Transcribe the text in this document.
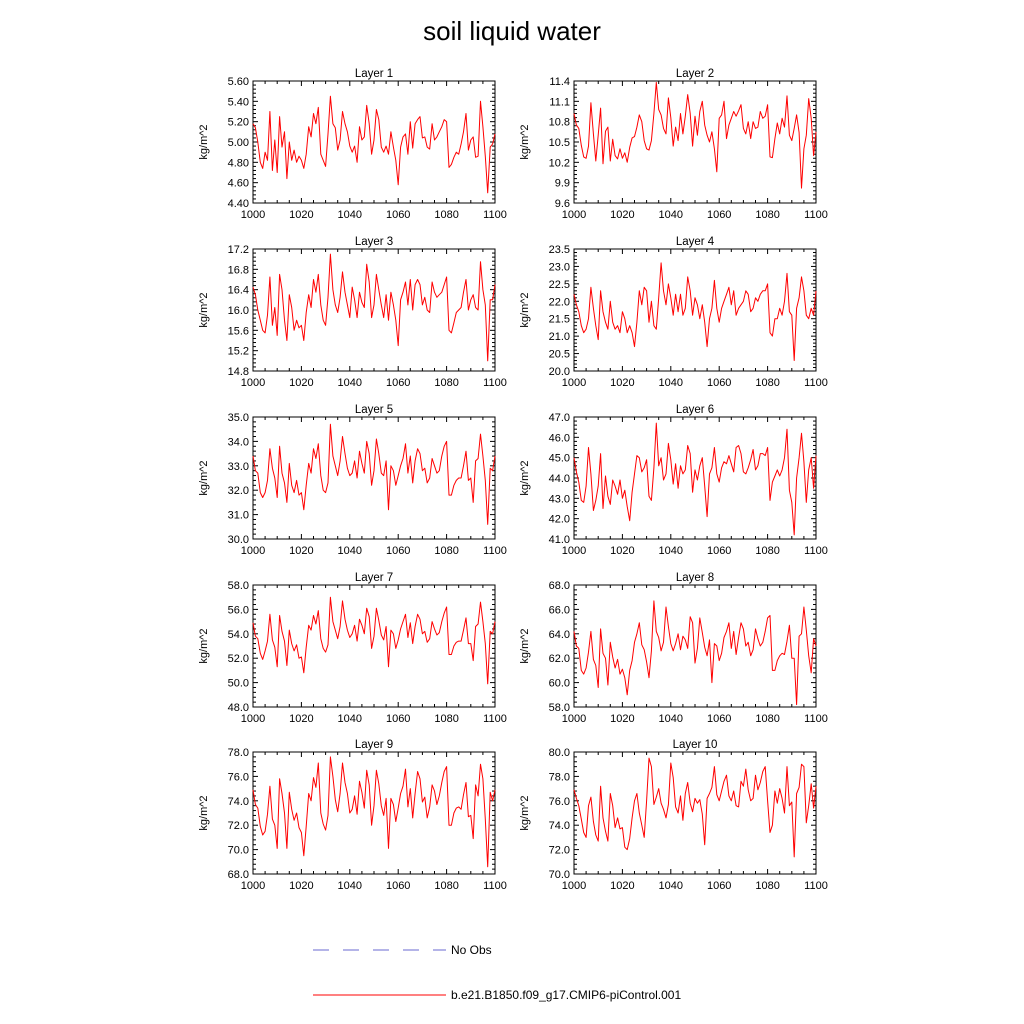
soil liquid water
Layer 1
1000 1020 1040 1060 1080 1100
4.40
4.60
4.80
5.00
5.20
5.40
5.60
kg/m^2
Layer 2
1000 1020 1040 1060 1080 1100
9.6
9.9
10.2
10.5
10.8
11.1
11.4
kg/m^2
Layer 3
1000 1020 1040 1060 1080 1100
14.8
15.2
15.6
16.0
16.4
16.8
17.2
kg/m^2
Layer 4
1000 1020 1040 1060 1080 1100
20.0
20.5
21.0
21.5
22.0
22.5
23.0
23.5
kg/m^2
Layer 5
1000 1020 1040 1060 1080 1100
30.0
31.0
32.0
33.0
34.0
35.0
kg/m^2
Layer 6
1000 1020 1040 1060 1080 1100
41.0
42.0
43.0
44.0
45.0
46.0
47.0
kg/m^2
Layer 7
1000 1020 1040 1060 1080 1100
48.0
50.0
52.0
54.0
56.0
58.0
kg/m^2
Layer 8
1000 1020 1040 1060 1080 1100
58.0
60.0
62.0
64.0
66.0
68.0
kg/m^2
Layer 9
1000 1020 1040 1060 1080 1100
68.0
70.0
72.0
74.0
76.0
78.0
kg/m^2
Layer 10
1000 1020 1040 1060 1080 1100
70.0
72.0
74.0
76.0
78.0
80.0
kg/m^2
No Obs
b.e21.B1850.f09_g17.CMIP6-piControl.001
